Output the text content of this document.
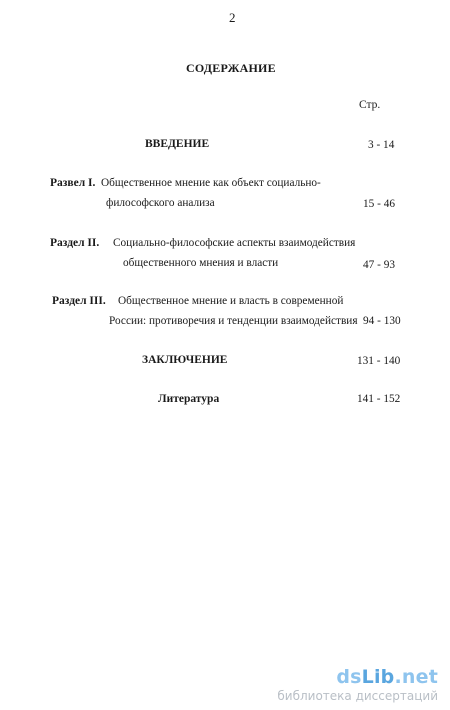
2
СОДЕРЖАНИЕ
Стр.
ВВЕДЕНИЕ	3 - 14
Развел I. Общественное мнение как объект социально-
философского анализа	15 - 46
Раздел II. Социально-философские аспекты взаимодействия
общественного мнения и власти	47 - 93
Раздел III. Общественное мнение и власть в современной
России: противоречия и тенденции взаимодействия 94 - 130
ЗАКЛЮЧЕНИЕ	131 - 140
Литература	141 - 152
dsLib.net
библиотека диссертаций
